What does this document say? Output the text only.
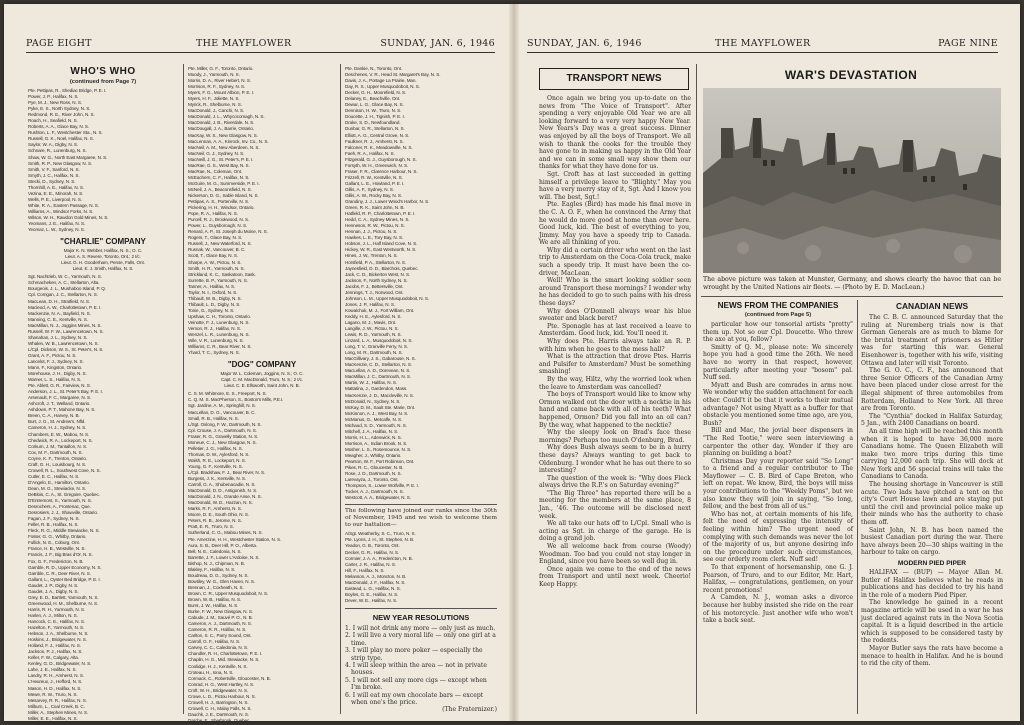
PAGE EIGHT	THE MAYFLOWER	SUNDAY, JAN. 6, 1946
WHO'S WHO
(continued from Page 7)
Pte. Pettipas, R., Shediac Bridge, P. E. I.
Power, J. P., Halifax, N. S.
Pye, M. J., New Ross, N. S.
Pyke, E. S., North Sydney, N. S.
Redmond, R. E., River John, N. S.
Roach, H., Seafield, N. S.
Roberts, A. A., Glace Bay, N. S.
Rushton, L. F., Westchester Sta., N. S.
Russell, G. K., Noel, Halifax, N. S.
Saylor, W. A., Digby, N. S.
Schnare, R., Lunenburg, N. S.
Shaw, W. G., North East Margaree, N. S.
Smith, R. P., New Glasgow, N. S.
Smith, V. F., Sanford, N. S.
Smyth, J. C., Halifax, N. S.
Stecki, D., Sydney, N. S.
Thornhill, A. E., Halifax, N. S.
Vezina, E. E., Minorah, N. S.
Wells, P. E., Liverpool, N. S.
White, R. A., Eastern Passage, N. S.
Williams, A., Windsor Forks, N. S.
Wilson, W. H., Rawdon Gold Mines, N. S.
Yeomans, J. E., Halifax, N. S.
Yeomaz, L. W., Sydney, N. S.
"CHARLIE" COMPANY
Major K. N. Webber, Halifax, N. S.; O. C.
Lieut. A. S. Revere, Toronto, Ont.; 2 I/c.
Lieut. G. H. Gooderham, Pense, Falls, Ont.
Lieut. E. J. Smith, Halifax, N. S.
Sgt. Nachtrieb, W. C., Yarmouth, N. S.
Schmacheken, A. C., Stellarton, Alta.
Bourgeois, J. L., Mushaboo Island, P. Q.
Cpl. Corrigan, J. C., Stellarton, N. S.
MacLean, D. H., Stratfield, N. S.
Macleod, A. W., Charlottetown, P. E. I.
Mackenzie, N. A., Bayfield, N. S.
Manning, C. E., Kentville, N. S.
MacMillan, N. J., Joggins Mines, N. S.
Russell, W. F. W., Lawrencetown, N. S.
Shanahan, J. L., Sydney, N. S.
Whalen, W. B., Lawrencetown, N. S.
L/Cpl. Dickson, W. S., St. Peter's, N. S.
Grant, A. F., Pictou, N. S.
Lancelot, F. J., Sydney, N. S.
Mann, F., Kingston, Ontario.
Morehouse, J. H., Digby, N. S.
Warner, L. S., Halifax, N. S.
Pte. Ablett, G. R., Fairview, N. S.
Anderson, J. L., St. Peter's Bay, P. E. I.
Arsenault, F. C., Margaree, N. S.
Ashcroft, J. T., Welland, Ontario.
Ashdown, P. T., Mahone Bay, N. S.
Breen, C. A., Harvey, N. B.
Burt, J. G., St. Andrew's, Nfld.
Cameron, H. J., Sydney, N. S.
Chambers, E. W., Mabou, N. S.
Chedwick, R. A., Lockeport, N. S.
Corkum, J. M., Tantallon, N. S.
Cox, M. F., Dartmouth, N. S.
Coyne, K. F., Trenton, Ontario.
Craft, G. H., Louisbourg, N. S.
Crowell, R. L., Southwest Cove, N. S.
Cutler, E. C., Halifax, N. S.
D'Angelo, E., Hamilton, Ontario.
Dean, M. G., Stewiacke, N. S.
DeBlois, C. A., St. Gregoire, Quebec.
D'Entremont, S., Yarmouth, N. S.
Desrochers, A., Frontenac, Que.
Desrosiers, J. J., Shawville, Ontario.
Fagan, J. F., Sydney, N. S.
Feller, R. B., Halifax, N. S.
Fleck, R. G., Middle Stewiacke, N. S.
Foster, G. G., Whitby, Ontario.
Fullick, N. E., Coburg, Ont.
France, H. B., Westville, N. S.
Francis, J. F., Big Bras d'Or, N. S.
Fox, G. F., Fredericton, N. B.
Gamble, R. D., Upper Economy, N. S.
Gamble, C. R., Deer River, N. S.
Gallant, L., Oyster Bed Bridge, P. E. I.
Gaudet, J. P., Digby, N. S.
Gaudet, J. A., Digby, N. S.
Grey, E. D., Bartlett, Yarmouth, N. S.
Greenwood, H. M., Shelburne, N. S.
Harris, R. H., Yarmouth, N. S.
Harlen, A. J., Milton, N. S.
Hancock, C. E., Halifax, N. S.
Hazelton, F., Yarmouth, N. S.
Hebson, J. A., Shelburne, N. S.
Hoskins, J., Bridgewater, N. S.
Holland, F. J., Halifax, N. S.
Jackson, P. J., Halifax, N. S.
Keller, F. W., Calgary, Alta.
Kenley, G. D., Bridgewater, N. S.
Lahe, J. E., Halifax, N. S.
Landry, R. H., Amherst, N. S.
L'Heureux, J., Hefford, N. S.
Mason, H. D., Halifax, N. S.
Mewe, R. W., Truro, N. S.
Mesarvey, R. R., Halifax, N. S.
Milburn, L., Coal Creek, B. C.
Miller, A., Stephen Mines, N. S.
Miller, E. E., Halifax, N. S.
Pte. Miller, G. F., Toronto, Ontario.
Moody, J., Yarmouth, N. S.
Morris, D. A., River Hebert, N. S.
Morrison, R. F., Sydney, N. S.
Myers, F. G., Mount Albion, P. E. I.
Myers, H. F., Joliette, N. S.
Myrick, R., Shelburne, N. S.
MacDonald, J., Canchi, N. S.
MacDonald, J. L., Whycocomagh, N. S.
MacDonald, J. B., Riverdale, N. S.
MacDougall, J. A., Barrie, Ontario.
MacKay, W. S., New Glasgow, N. S.
MacLennan, A. A., Kinrock, Inv. Co., N. S.
MacNeil, A. M., New Aberdeen, N. S.
MacNeil, G. J., Sydney, N. S.
MacNeill, J. G., St. Peter's, P. E. I.
MacRae, G. S., West Bay, N. S.
MacRae, N., Coleman, Ont.
McEachern, C. F., Halifax, N. S.
McGuire, M. G., Summerside, P. E. I.
McNeil, J. A., Beaconsfield, N. S.
Nickerson, D. G., Sable Island, N. S.
Pettipas, A. S., Porterville, N. S.
Pickering, H. H., Windsor, Ontario.
Pope, R. A., Halifax, N. S.
Purcell, R. J., Brookwood, N. S.
Power, L., Guysborough, N. S.
Renard, A. P., St. Joseph du Moine, N. S.
Rogers, T., Glace Bay, N. S.
Russell, J., New Waterford, N. S.
Rusnak, W., Vancouver, B. C.
Scott, T., Glace Bay, N. S.
Sharpe, A. W., Pictou, N. S.
Smith, H. R., Yarmouth, N. S.
Strickland, K. C., Saskatoon, Sask.
Surrette, B. P., Yarmouth, N. S.
Tanner, A., Halifax, N. S.
Taylor, N. I., Oxford, N. S.
Thibault, W. B., Digby, N. S.
Thibault, L. D., Digby, N. S.
Tonie, G., Sydney, N. S.
Upshaw, C. H., Toronto, Ontario.
Veinotte, F. J., Lunenburg, N. S.
Vernon, R. J., Halifax, N. S.
Wenzel, L. R., Lunenburg, N. S.
Wile, V. R., Lunenburg, N. S.
Williams, C. R., Bear River, N. S.
Yhard, T. C., Sydney, N. S.
"DOG" COMPANY
Major W. L. Coleman, Joggins, N. S.; O. C.
Capt. C. M. MacDonald, Truro, N. S.; 2 I/c.
Lieut. C. E. Ellsworth, Saint John, N. B.
C. S. M. Whitmore, E. S., Freeport, N. S.
C. Q. M. S. MacPherson, S., Boston's Mills, P.E.I.
Sgt. Jardine, A. M., Springhill, N. S.
MacLellan, D. G., Vancouver, B. C.
Small, R. B., Halifax, N. S.
L/Sgt. Oxlong, F. W., Dartmouth, N. S.
Cpl. Crouse, J. A., Dartmouth, N. S.
Fraser, R. G., Gravelly Station, N. S.
Moneue, C. J., New Glasgow, N. S.
Pelletier, J. G., Halifax, N. S.
Thomas, D. W., Aylesford, N. S.
Walsh, R. E., Lockeport, N. S.
Young, G. F., Kentville, N. S.
L/Cpl. Bradshaw, F. J., Bear River, N. S.
Burgess, J. K., Kentville, N. S.
Carroll, G. A., Shubenacadie, N. S.
MacDonald, D. D., Antigonish, N. S.
MacDonald, J. N., Grande Anse, N. S.
MacDonald, W. D., Hazzan, N. S.
Marks, R. F., Amherst, N. S.
Moore, D. E., South Ohio, N. S.
Peters, R. B., Jerome, N. S.
Pratt, E. R., Truro, N. S.
Sutherland, C. G., Mabou Mines, N. S.
Pte. Amerzine, H. H., Westchester Station, N. S.
Aura, S. B., Deer Hill, P. O., Alberta.
Bell, N. E., Caledonia, N. S.
Barrette, J. F., Lower L'Ardoise, N. S.
Bishop, N. J., Chipman, N. B.
Blakley, F., Halifax, N. S.
Boudreau, D. G., Sydney, N. S.
Bowtiley, W. G., Glen Haven, N. S.
Brennan, J., Coxheath, N. S.
Brown, C. R., Upper Musquodoboit, N. S.
Brown, W. B., Halifax, N. S.
Burnt, J. W., Halifax, N. S.
Burke, F. W., New Glasgow, N. S.
Cabude, J. M., Sauvé P. O., N. B.
Cameron, A. J., Dartmouth, N. S.
Cameron, R. R., Halifax, N. S.
Carlton, S. C., Parry Sound, Ont.
Carroll, G. F., Halifax, N. S.
Carvey, C. C., Caledonia, N. S.
Chandler, R. H., Charlottetown, P. E. I.
Chaplin, H. G., Mid. Stewiacke, N. S.
Coolidge, H. J., Kentville, N. S.
Croteau, H., Iona, N. S.
Cormack, C., Robertville, Gloucester, N. B.
Conrad, H. G., West Hartley, N. S.
Croft, W. H., Bridgewater, N. S.
Crowe, L. D., Pictou Harbour, N. S.
Crowell, H. J., Barrington, N. S.
Crowell, C. H., Malay Falls, N. S.
Dauchk, J. E., Dartmouth, N. S.
Darche, E., Sherbrook, Quebec.
Pte. Dankie, N., Toronto, Ont.
Deschenes, V. R., Head St. Margaret's Bay, N. S.
Davis, J. A., Portage La Prairie, Man.
Day, R. S., Upper Musquodoboit, N. S.
Decker, G. H., Moorefield, N. S.
Delaney, E., Beachville, Ont.
Dewar, L. G., Glace Bay, N. S.
Dennison, H. W., Truro, N. S.
Doucette, J. H., Tignish, P. E. I.
Drake, S. D., Newfoundland.
Dunbar, G. R., Stellarton, N. S.
Elliott, A. G., Central Grove, N. S.
Faulkner, R. J., Amherst, N. S.
Falconer, R. K., Meadowville, N. S.
Faeh, R. A., Halifax, N. S.
Fitzgerald, G. J., Guysborough, N. S.
Forsyth, W. H., Greenwich, N. S.
Fraser, F. R., Clarence Harbour, N. S.
Frizzell, R. W., Kentville, N. S.
Gallant, L. E., Howland, P. E. I.
Gillis, A. F., Sydney, N. S.
Gillis, A. W., Rocky Bay, N. S.
Grandiny, J. J., Lower Wood's Harbor, N. S.
Green, R. K., Saint John, N. B.
Hatfield, R. P., Charlottetown, P. E. I.
Hedd, C. A., Sydney Mines, N. S.
Henneson, R. W., Pictou, N. S.
Hennan, J. J., Pictou, N. S.
Hawkes, L. E., Tory Bay, N. S.
Hobson, J. L., Half Island Cove, N. S.
Hickey, W. R., East Wentworth, N. S.
Hines, J. W., Trenton, N. S.
Horsfield, P. A., Stellarton, N. S.
Jaynesfield, D. D., Blarchois, Quebec.
Jack, C. D., Bickerton West, N. S.
Jackson, F., North Sydney, N. S.
Jacobs, F. J., Bettersville, Ont.
Jennings, T. J., Norwood, Ont.
Johnson, L. M., Upper Musquodoboit, N. S.
Jones, J. P., Halifax, N. S.
Kowalchuk, M. J., Fort William, Ont.
Keddy, H. E., Aylesford, N. S.
Lagano, M. J., Mavis, Ont.
Langille, J. W., Pictou, N. S.
Lewis, R. D., Yarmouth, N. S.
Linzard, L. A., Musquodoboit, N. S.
Long, T. V., Granville Ferry, N. S.
Long, M. R., Dartmouth, N. S.
MacGillivary, J. S., Gabarouse, N. S.
MacKenzie, C. D., Stellarton, N. S.
MacLellan, A. D., Dorevean, N. S.
MacMillan, J. C., Dartmouth, N. S.
Martin, W. J., Halifax, N. S.
Mattatina, J., Gardendon, Mass.
MacKenzie, J. D., Maccleville, N. S.
McDonald, N., Sydney, N. S.
McKay, D. M., Sault Ste. Marie, Ont.
McKinnon, A. J., West Bay, N. S.
McManus, G., Metcalfe, N. S.
Michaud, S. D., Yarmouth, N. S.
Mitchell, J. A., Halifax, N. S.
Morris, H. L., Adenwick, N. S.
Morrison, A., Indian Brook, N. S.
Mosher, L. S., Rosemounce, N. S.
Meagher, J., Whitby, Ontario.
Pearson, W. F., Port Robinson, Ont.
Pikes, R. C., Gloucester, N. B.
Rose, J. D., Dartmouth, N. S.
Larevayza, J., Toronto, Ont.
Thompson, S., Lower Wolfville, P. E. I.
Tucker, A. J., Dartmouth, N. S.
Westcott, A. A., Bridgewater, N. S.
The following have joined our ranks since the 30th of November, 1945 and we wish to welcome them to our battalion—
A/Sgt. Weatherby, S. C., Truro, N. S.
Pte. Lyons, J. H., St. Stephen, N. B.
Yeadon, G. B., Toronto, Ont.
Decker, G. R., Halifax, N. S.
Cormier, J. A. A., Fredericton, N. B.
Carter, J. R., Halifax, N. S.
Hill, F., Halifax, N. S.
Melanson, A. J., Moncton, N. B.
MacDonald, J. F., Halifax, N. S.
Eastead, L. G., Halifax, N. S.
Boyles, G. E., Halifax, N. S.
Dever, W. E., Halifax, N. S.
NEW YEAR RESOLUTIONS
1. I will not drink any more — only just as much.
2. I will live a very moral life — only one girl at a time.
3. I will play no more poker — especially the strip type.
4. I will sleep within the area — not in private houses.
5. I will not sell any more cigs — except when I'm broke.
6. I will eat my own chocolate bars — except when one's the price.
(The Fraternizer.)
SUNDAY, JAN. 6, 1946	THE MAYFLOWER	PAGE NINE
TRANSPORT NEWS

Once again we bring you up-to-date on the news from "The Voice of Transport". After spending a very enjoyable Old Year we are all looking forward to a very very happy New Year. New Years's Day was a great success. Dinner was enjoyed by all the boys of Transport. We all wish to thank the cooks for the trouble they have gone to in making us happy in the Old Year and we can in some small way show them our thanks for what they have done for us.

Sgt. Croft has at last succeeded in getting himself a privilege leave to "Blighty." May you have a very merry stay of it, Sgt. And I know you will. The best, Sgt.!

Pte. Eagles (Bird) has made his final move in the C. A. O. F., when he convinced the Army that he would do more good at home than over here. Good luck, kid. The best of everything to you, Jimmy. May you have a speedy trip to Canada. We are all thinking of you.

Why did a certain driver who went on the last trip to Amsterdam on the Coca-Cola truck, make such a speedy trip. It must have been the co-driver, MacLean.

Well! Who is the smart looking soldier seen around Transport these mornings? I wonder why he has decided to go to such pains with his dress these days?

Why does O'Donnell always wear his blue sweater and black beret?

Pte. Sponagle has at last received a leave to Amsterdam. Good luck, kid. You'll need it.

Why does Pte. Harris always take an R. P. with him when he goes to the mess hall?

What is the attraction that drove Ptes. Harris and Pulsifer to Amsterdam? Must be something smashing!

By the way, Hiltz, why the worried look when the leave to Amsterdam was cancelled?

The boys of Transport would like to know why Ormon walked out the door with a necktie in his hand and came back with all of his teeth? What happened, Ormon? Did you fall into an oil can? By the way, what happened to the necktie?

Why the sleepy look on Brad's face these mornings? Perhaps too much O'denburg, Brad.

Why does Bush always seem to be in a hurry these days? Always wanting to get back to Oldenburg. I wonder what he has out there to so interesting?

The question of the week is: "Why does Fleck always drive the R.P.'s on Saturday evening?"

"The Big Three" has reported there will be a meeting for the members at the same place, 8 Jan., '46. The outcome will be disclosed next week.

We all take our hats off to L/Cpl. Small who is acting as Sgt. in charge of the garage. He is doing a grand job.

We all welcome back from course (Woody) Woodman. Too bad you could not stay longer in England, since you have been so well dug in.

Once again we come to the end of the news from Transport and until next week. Cheerio! Keep Happy.

WAR'S DEVASTATION
The above picture was taken at Munster, Germany, and shows clearly the havoc that can be wrought by the United Nations air fleets. — (Photo by E. D. MacLean.)
NEWS FROM THE COMPANIES
(continued from Page 5)

particular how our tonsorial artists "pretty" them up. Not so our Cpl. Doucette. Who threw the axe at you, fellow?

Smitty of Q. M., please note: We sincerely hope you had a good time the 26th. We need have no worry in that respect, however, particularly after meeting your "bosom" pal. Nuff sed.

Myatt and Bush are comrades in arms now. We wonder why the sudden attachment for each other. Could't it be that it works to their mutual advantage? Not using Myatt as a buffer for that obstacle you mentioned some time ago, are you, Bush?

Bill and Mac, the jovial beer dispensers in "The Red Tootie," were seen interviewing a carpenter the other day. Wonder if they are planning on building a boat?

Christmas Day your reporter said "So Long" to a friend and a regular contributor to The Mayflower — C. B. Bird of Cape Breton, who left on repat. We know, Bird, the boys will miss your contributions to the "Weekly Poms", but we also know they will join in saying, "So long, fellow, and the best from all of us."

Who has not, at certain moments of his life, felt the need of expressing the intensity of feeling within him? The urgent need of complying with such demands was never the lot of the majority of us, but anyone desiring info on the procedure under such circumstances, see our orderly room clerk. Nuff sed!

To that exponent of horsemanship, one G. J. Pearson, of Truro, and to our Editor, Mr. Hart, Halifax, — congratulations, gentlemen, on your recent promotions!

A Camden, N. J., woman asks a divorce because her hubby insisted she ride on the rear of his motorcycle. Just another wife who won't take a back seat.

CANADIAN NEWS

The C. B. C. announced Saturday that the ruling at Nuremberg trials now is that German Generals are as much to blame for the brutal treatment of prisoners as Hitler was for starting this war. General Eisenhower is, together with his wife, visiting Ottawa and later will visit Toronto.

The G. O. C., C. F., has announced that three Senior Officers of the Canadian Army have been placed under close arrest for the illegal shipment of three automobiles from Rotterdam, Holland to New York. All three are from Toronto.

The "Cynthia" docked in Halifax Saturday, 5 Jan., with 2400 Canadians on board.

An all time high will be reached this month when it is hoped to have 36,000 more Canadians home. The Queen Elizabeth will make two more trips during this time carrying 12,000 each trip. She will dock at New York and 56 special trains will take the Canadians to Canada.

The housing shortage in Vancouver is still acute. Two lads have pitched a tent on the city's Court House lawn and are staying put until the civil and provincial police make up their minds who has the authority to chase them off.

Saint John, N. B. has been named the busiest Canadian port during the war. There have always been 20—30 ships waiting in the harbour to take on cargo.

MODERN PIED PIPER

HALIFAX — (BUP) — Mayor Allan M. Butler of Halifax believes what he reads in publications and has decided to try his hand in the role of a modern Pied Piper.

The knowledge he gained in a recent magazine article will be used in a war he has just declared against rats in the Nova Scotia capital. It is a liquid described in the article which is supposed to be considered tasty by the rodents.

Mayor Butler says the rats have become a menace to health in Halifax. And he is bound to rid the city of them.
